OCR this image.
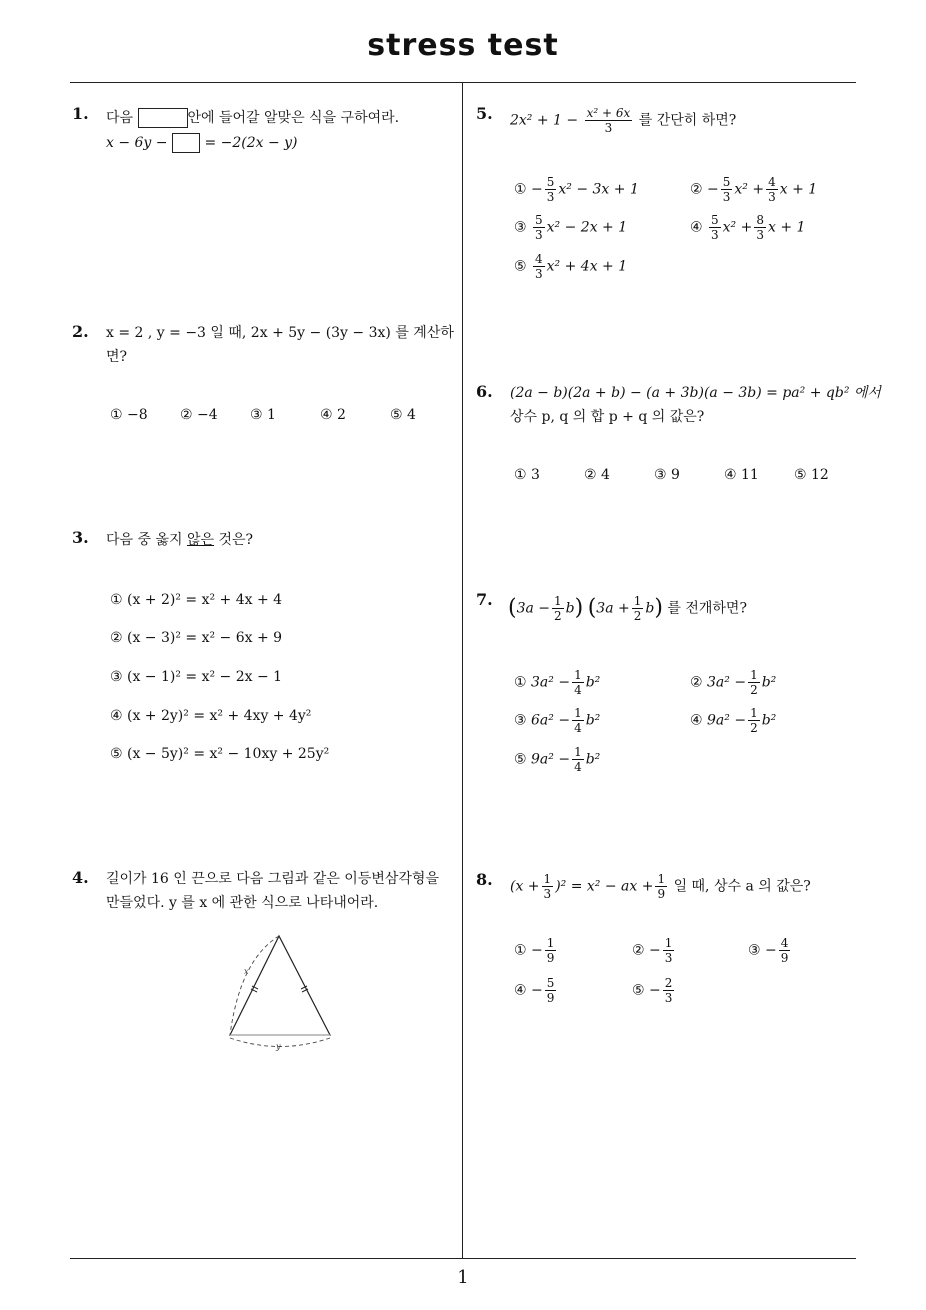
stress test
1
1. 다음	안에 들어갈 알맞은 식을 구하여라.
x − 6y −	= −2(2x − y)
2. x = 2 , y = −3 일 때, 2x + 5y − (3y − 3x) 를 계산하
면?
① −8 ② −4 ③ 1	④ 2	⑤ 4
3. 다음 중 옳지 않은 것은?
① (x + 2)² = x² + 4x + 4
② (x − 3)² = x² − 6x + 9
③ (x − 1)² = x² − 2x − 1
④ (x + 2y)² = x² + 4xy + 4y²
⑤ (x − 5y)² = x² − 10xy + 25y²
4. 길이가 16 인 끈으로 다음 그림과 같은 이등변삼각형을
만들었다. y 를 x 에 관한 식으로 나타내어라.
x
y
5. $2x^2 + 1 - \frac{\text{x² + 6x}}{3}$ 를 간단히 하면?
① − $\frac{5}{3} x^2 - 3x + 1$	② − $\frac{5}{3} x^2 + \frac{4}{3}$ x + 1
③ $\frac{5}{3} x^2 - 2x + 1$	④ $\frac{5}{3} x^2 + \frac{8}{3}$ x + 1
⑤ $\frac{4}{3} x^2 + 4x + 1$
6. (2a − b)(2a + b) − (a + 3b)(a − 3b) = pa² + qb² 에서
상수 p, q 의 합 p + q 의 값은?
① 3	② 4	③ 9	④ 11	⑤ 12
7. $(3a - \frac{1}{2} b)$ $(3a + \frac{1}{2} b)$ 를 전개하면?
① $3a^2 - \frac{1}{4} b^2$	② $3a^2 - \frac{1}{2} b^2$
③ $6a^2 - \frac{1}{4} b^2$	④ $9a^2 - \frac{1}{2} b^2$
⑤ $9a^2 - \frac{1}{4} b^2$
8. $(x + \frac{1}{3} )^2 = x^2$ − ax + $\frac{1}{9}$ 일 때, 상수 a 의 값은?
① − $\frac{1}{9}$	② − $\frac{1}{3}$	③ − $\frac{4}{9}$
④ − $\frac{5}{9}$	⑤ − $\frac{2}{3}$
